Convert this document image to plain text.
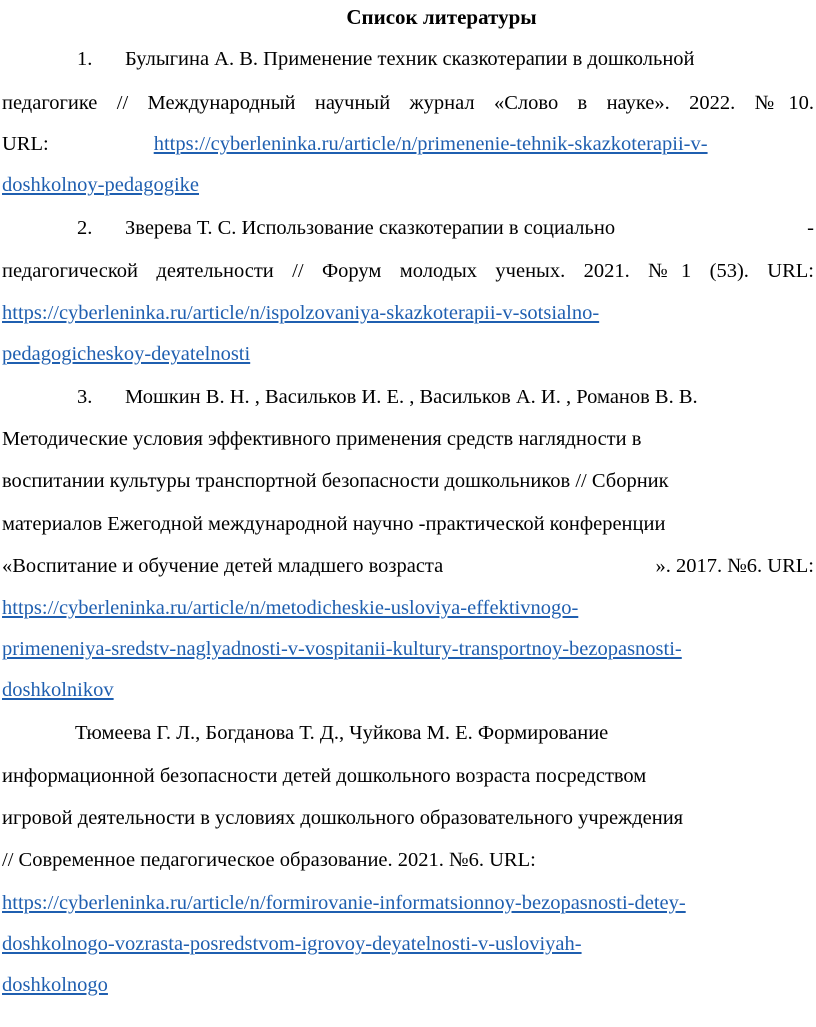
Список литературы
1. Булыгина А. В. Применение техник сказкотерапии в дошкольной
педагогике // Международный научный журнал «Слово в науке». 2022. №10.
URL:	https://cyberleninka.ru/article/n/primenenie-tehnik-skazkoterapii-v-
doshkolnoy-pedagogike
2. Зверева Т. С. Использование сказкотерапии в социально	-
педагогической деятельности // Форум молодых ученых. 2021. №1 (53). URL:
https://cyberleninka.ru/article/n/ispolzovaniya-skazkoterapii-v-sotsialno-
pedagogicheskoy-deyatelnosti
3. Мошкин В. Н. , Васильков И. Е. , Васильков А. И. , Романов В. В.
Методические условия эффективного применения средств наглядности в
воспитании культуры транспортной безопасности дошкольников // Сборник
материалов Ежегодной международной научно -практической конференции
«Воспитание и обучение детей младшего возраста	». 2017. №6. URL:
https://cyberleninka.ru/article/n/metodicheskie-usloviya-effektivnogo-
primeneniya-sredstv-naglyadnosti-v-vospitanii-kultury-transportnoy-bezopasnosti-
doshkolnikov
Тюмеева Г. Л., Богданова Т. Д., Чуйкова М. Е. Формирование
информационной безопасности детей дошкольного возраста посредством
игровой деятельности в условиях дошкольного образовательного учреждения
// Современное педагогическое образование. 2021. №6. URL:
https://cyberleninka.ru/article/n/formirovanie-informatsionnoy-bezopasnosti-detey-
doshkolnogo-vozrasta-posredstvom-igrovoy-deyatelnosti-v-usloviyah-
doshkolnogo
